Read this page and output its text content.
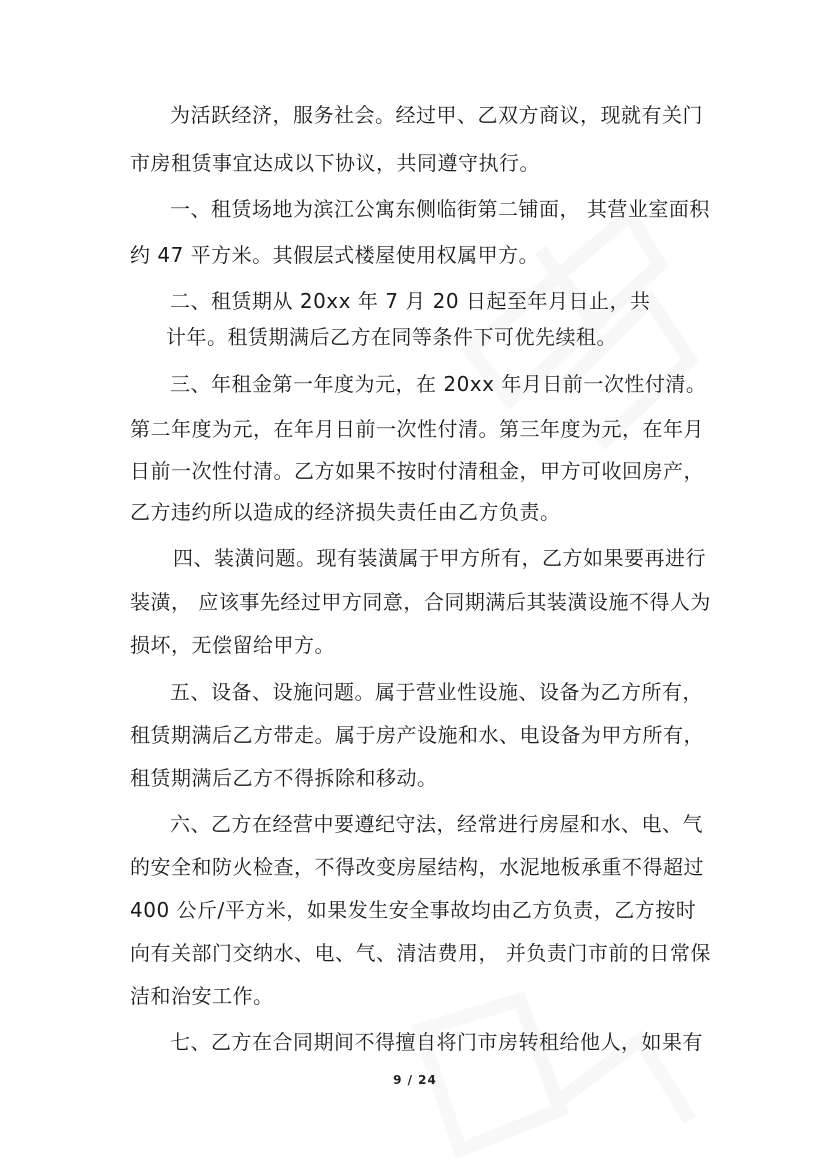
为活跃经济，服务社会。经过甲、乙双方商议，现就有关门
市房租赁事宜达成以下协议，共同遵守执行。
一、租赁场地为滨江公寓东侧临街第二铺面， 其营业室面积
约 47 平方米。其假层式楼屋使用权属甲方。
二、租赁期从 20xx 年 7 月 20 日起至年月日止，共
计年。租赁期满后乙方在同等条件下可优先续租。
三、年租金第一年度为元，在 20xx 年月日前一次性付清。
第二年度为元，在年月日前一次性付清。第三年度为元，在年月
日前一次性付清。乙方如果不按时付清租金，甲方可收回房产，
乙方违约所以造成的经济损失责任由乙方负责。
四、装潢问题。现有装潢属于甲方所有，乙方如果要再进行
装潢， 应该事先经过甲方同意，合同期满后其装潢设施不得人为
损坏，无偿留给甲方。
五、设备、设施问题。属于营业性设施、设备为乙方所有，
租赁期满后乙方带走。属于房产设施和水、电设备为甲方所有，
租赁期满后乙方不得拆除和移动。
六、乙方在经营中要遵纪守法，经常进行房屋和水、电、气
的安全和防火检查，不得改变房屋结构，水泥地板承重不得超过
400 公斤/平方米，如果发生安全事故均由乙方负责，乙方按时
向有关部门交纳水、电、气、清洁费用， 并负责门市前的日常保
洁和治安工作。
七、乙方在合同期间不得擅自将门市房转租给他人，如果有
9 / 24
